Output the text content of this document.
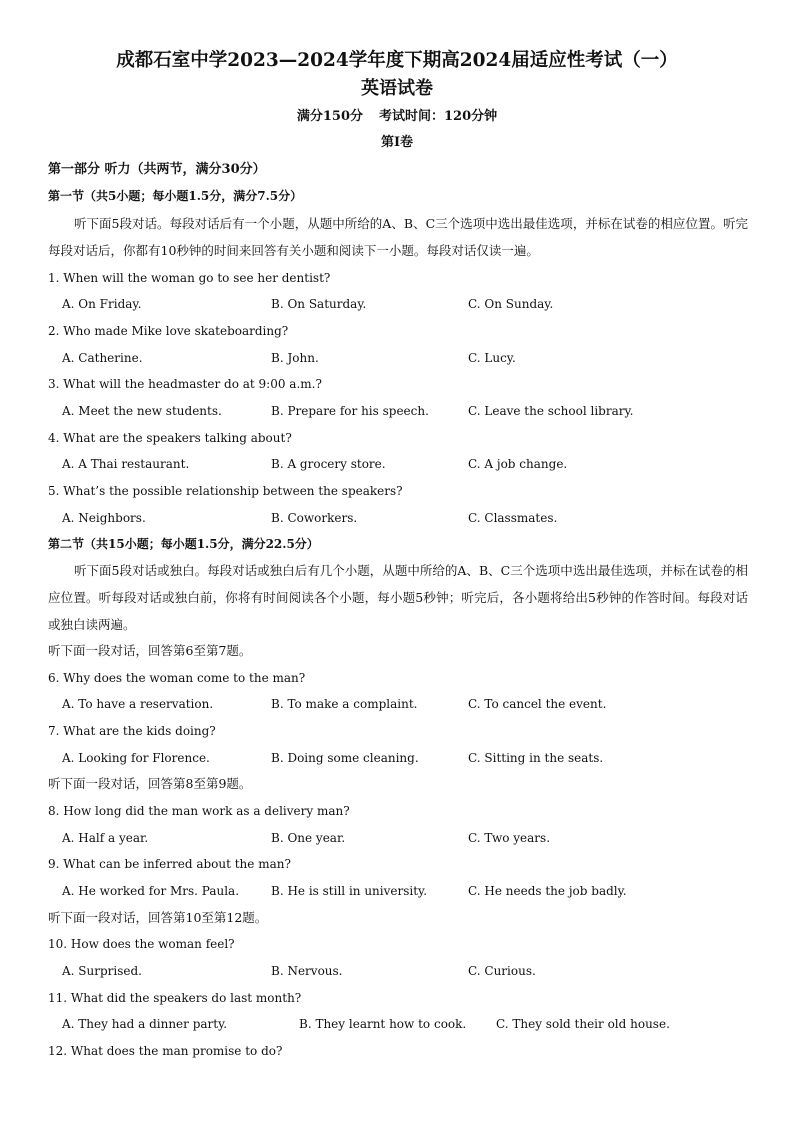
成都石室中学2023—2024学年度下期高2024届适应性考试（一）
英语试卷
满分150分 考试时间：120分钟
第I卷
第一部分 听力（共两节，满分30分）
第一节（共5小题；每小题1.5分，满分7.5分）
听下面5段对话。每段对话后有一个小题，从题中所给的A、B、C三个选项中选出最佳选项，并标在试卷的相应位置。听完每段对话后，你都有10秒钟的时间来回答有关小题和阅读下一小题。每段对话仅读一遍。
1. When will the woman go to see her dentist?
A. On Friday.	B. On Saturday.	C. On Sunday.
2. Who made Mike love skateboarding?
A. Catherine.	B. John.	C. Lucy.
3. What will the headmaster do at 9:00 a.m.?
A. Meet the new students.	B. Prepare for his speech.	C. Leave the school library.
4. What are the speakers talking about?
A. A Thai restaurant.	B. A grocery store.	C. A job change.
5. What’s the possible relationship between the speakers?
A. Neighbors.	B. Coworkers.	C. Classmates.
第二节（共15小题；每小题1.5分，满分22.5分）
听下面5段对话或独白。每段对话或独白后有几个小题，从题中所给的A、B、C三个选项中选出最佳选项，并标在试卷的相应位置。听每段对话或独白前，你将有时间阅读各个小题，每小题5秒钟；听完后，各小题将给出5秒钟的作答时间。每段对话或独白读两遍。
听下面一段对话，回答第6至第7题。
6. Why does the woman come to the man?
A. To have a reservation.	B. To make a complaint.	C. To cancel the event.
7. What are the kids doing?
A. Looking for Florence.	B. Doing some cleaning.	C. Sitting in the seats.
听下面一段对话，回答第8至第9题。
8. How long did the man work as a delivery man?
A. Half a year.	B. One year.	C. Two years.
9. What can be inferred about the man?
A. He worked for Mrs. Paula.	B. He is still in university.	C. He needs the job badly.
听下面一段对话，回答第10至第12题。
10. How does the woman feel?
A. Surprised.	B. Nervous.	C. Curious.
11. What did the speakers do last month?
A. They had a dinner party.	B. They learnt how to cook. C. They sold their old house.
12. What does the man promise to do?
